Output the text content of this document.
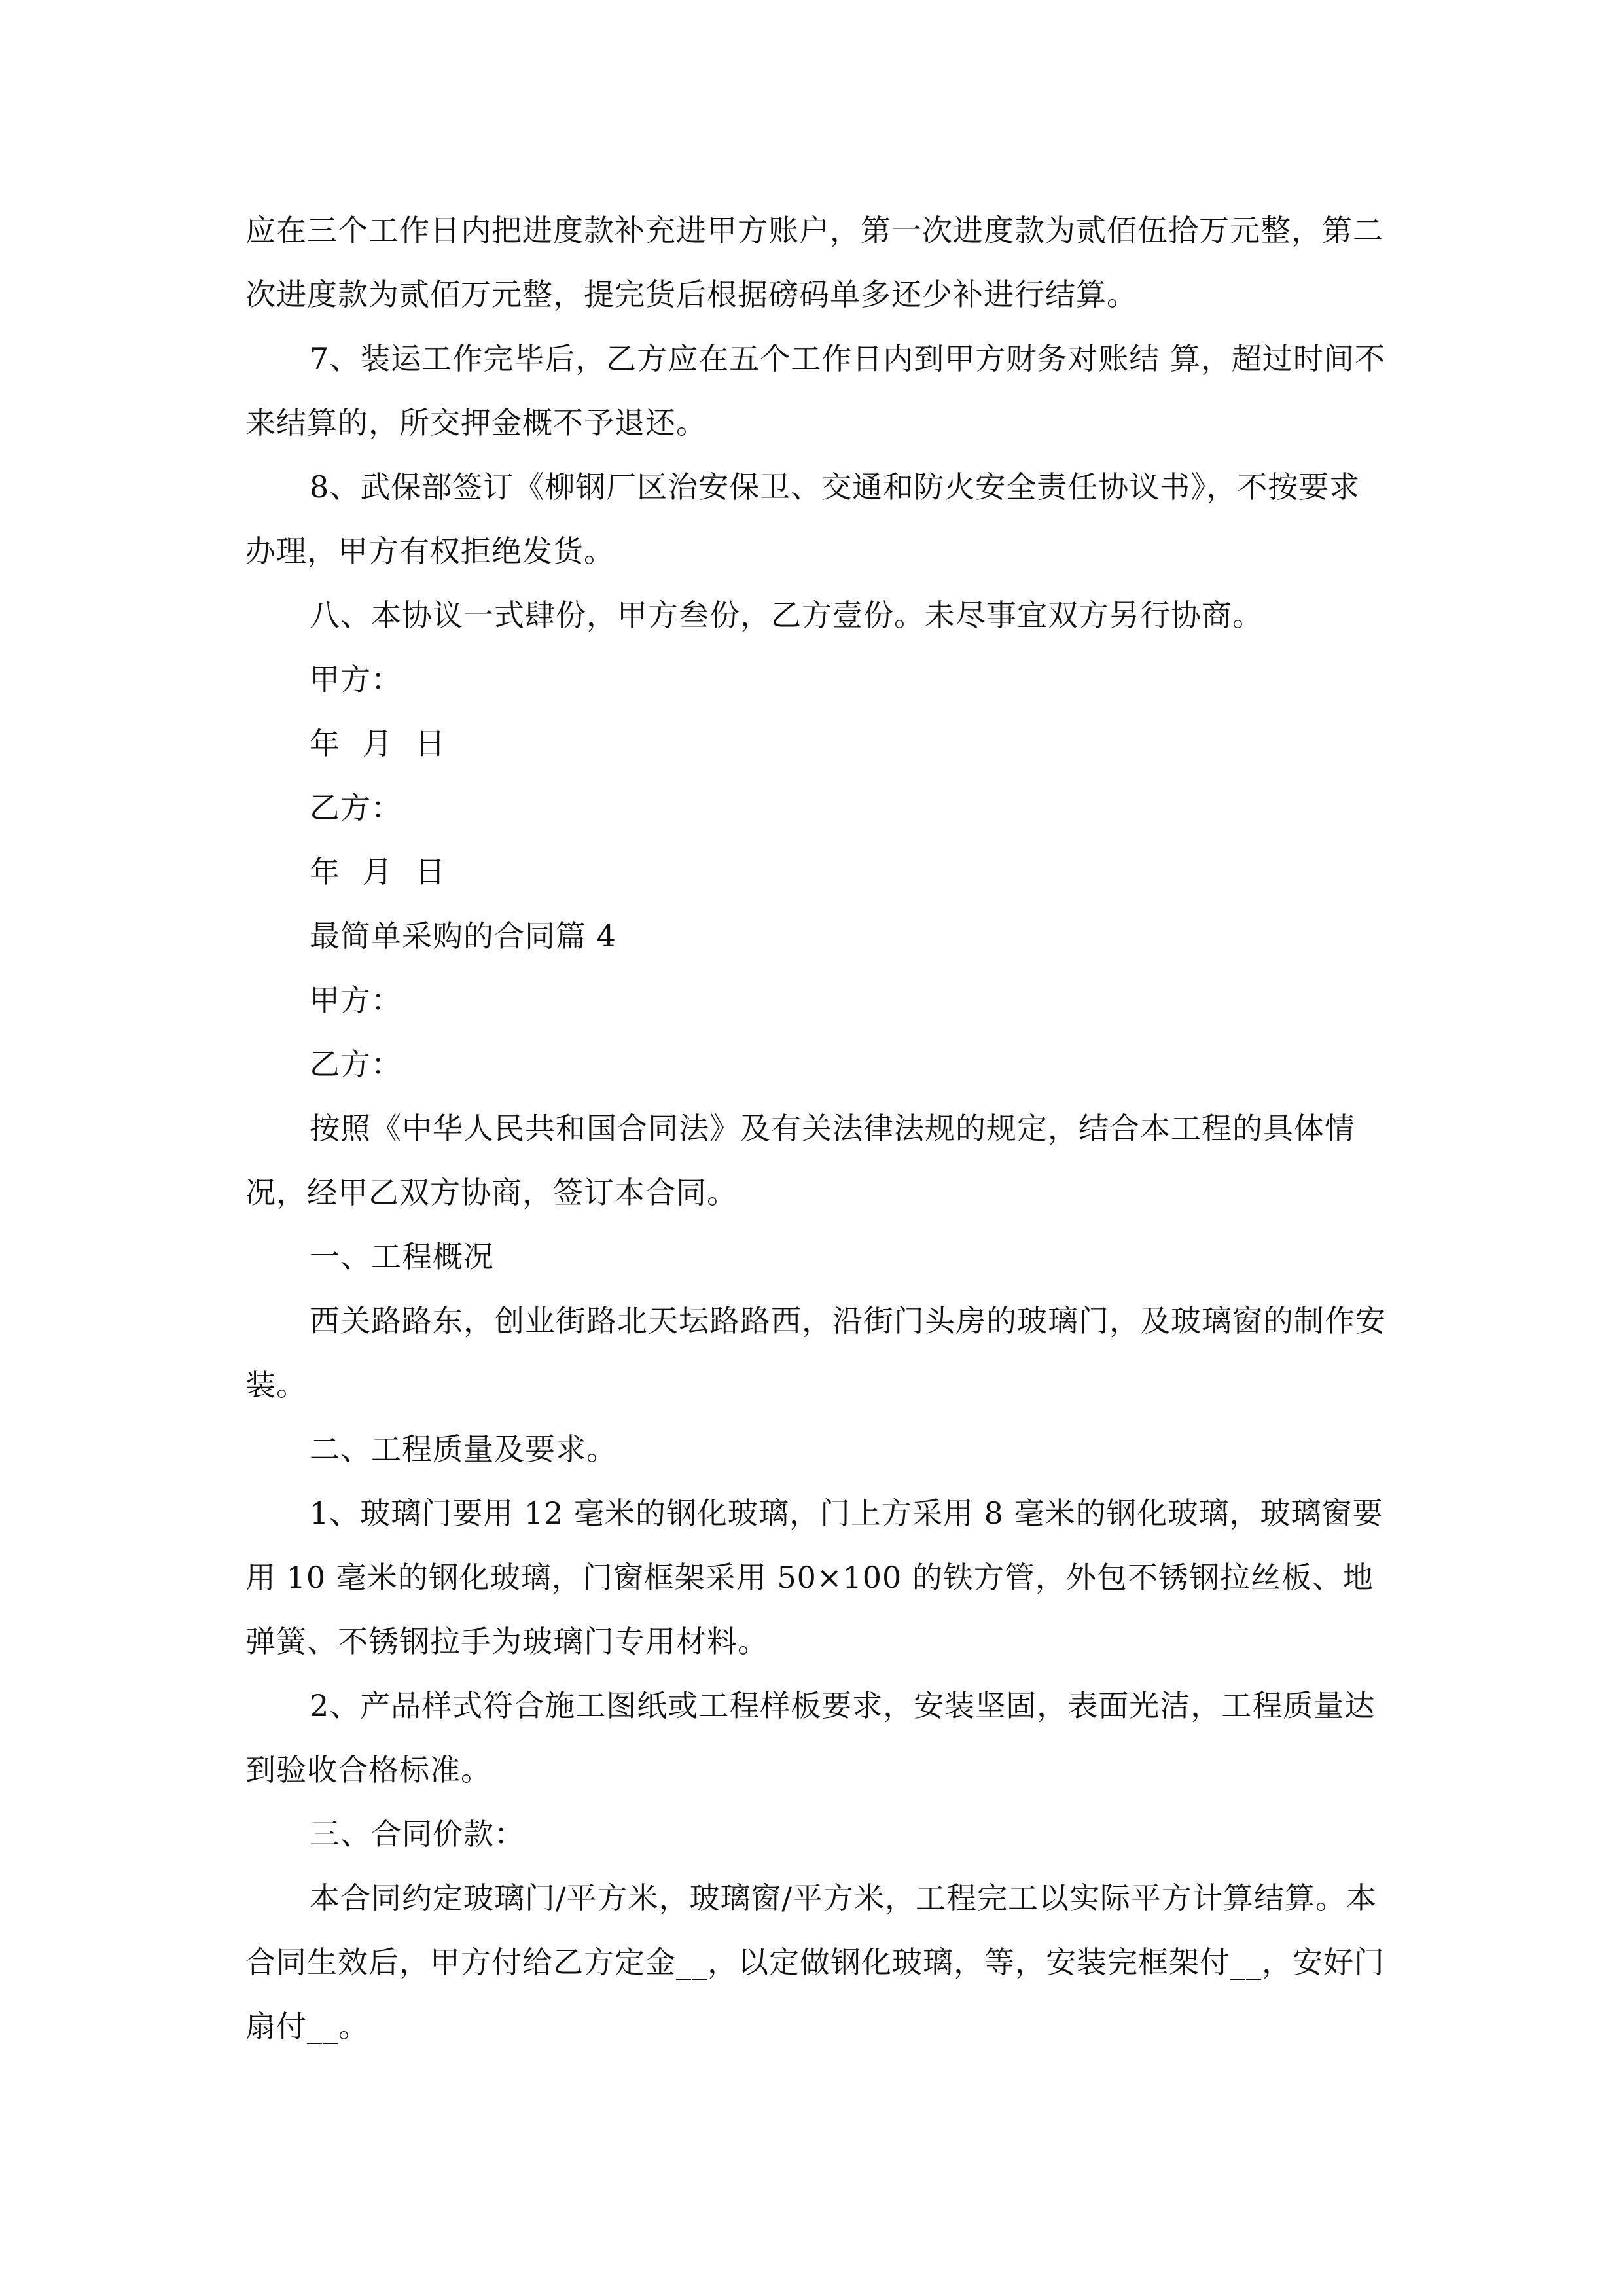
应在三个工作日内把进度款补充进甲方账户，第一次进度款为贰佰伍拾万元整，第二次进度款为贰佰万元整，提完货后根据磅码单多还少补进行结算。

7、装运工作完毕后，乙方应在五个工作日内到甲方财务对账结 算，超过时间不来结算的，所交押金概不予退还。

8、武保部签订《柳钢厂区治安保卫、交通和防火安全责任协议书》，不按要求办理，甲方有权拒绝发货。

八、本协议一式肆份，甲方叁份，乙方壹份。未尽事宜双方另行协商。

甲方：

年 月 日

乙方：

年 月 日

最简单采购的合同篇 4

甲方：

乙方：

按照《中华人民共和国合同法》及有关法律法规的规定，结合本工程的具体情况，经甲乙双方协商，签订本合同。

一、工程概况

西关路路东，创业街路北天坛路路西，沿街门头房的玻璃门，及玻璃窗的制作安装。

二、工程质量及要求。

1、玻璃门要用 12 毫米的钢化玻璃，门上方采用 8 毫米的钢化玻璃，玻璃窗要用 10 毫米的钢化玻璃，门窗框架采用 50×100 的铁方管，外包不锈钢拉丝板、地弹簧、不锈钢拉手为玻璃门专用材料。

2、产品样式符合施工图纸或工程样板要求，安装坚固，表面光洁，工程质量达到验收合格标准。

三、合同价款：

本合同约定玻璃门/平方米，玻璃窗/平方米，工程完工以实际平方计算结算。本合同生效后，甲方付给乙方定金__，以定做钢化玻璃，等，安装完框架付__，安好门扇付__。
